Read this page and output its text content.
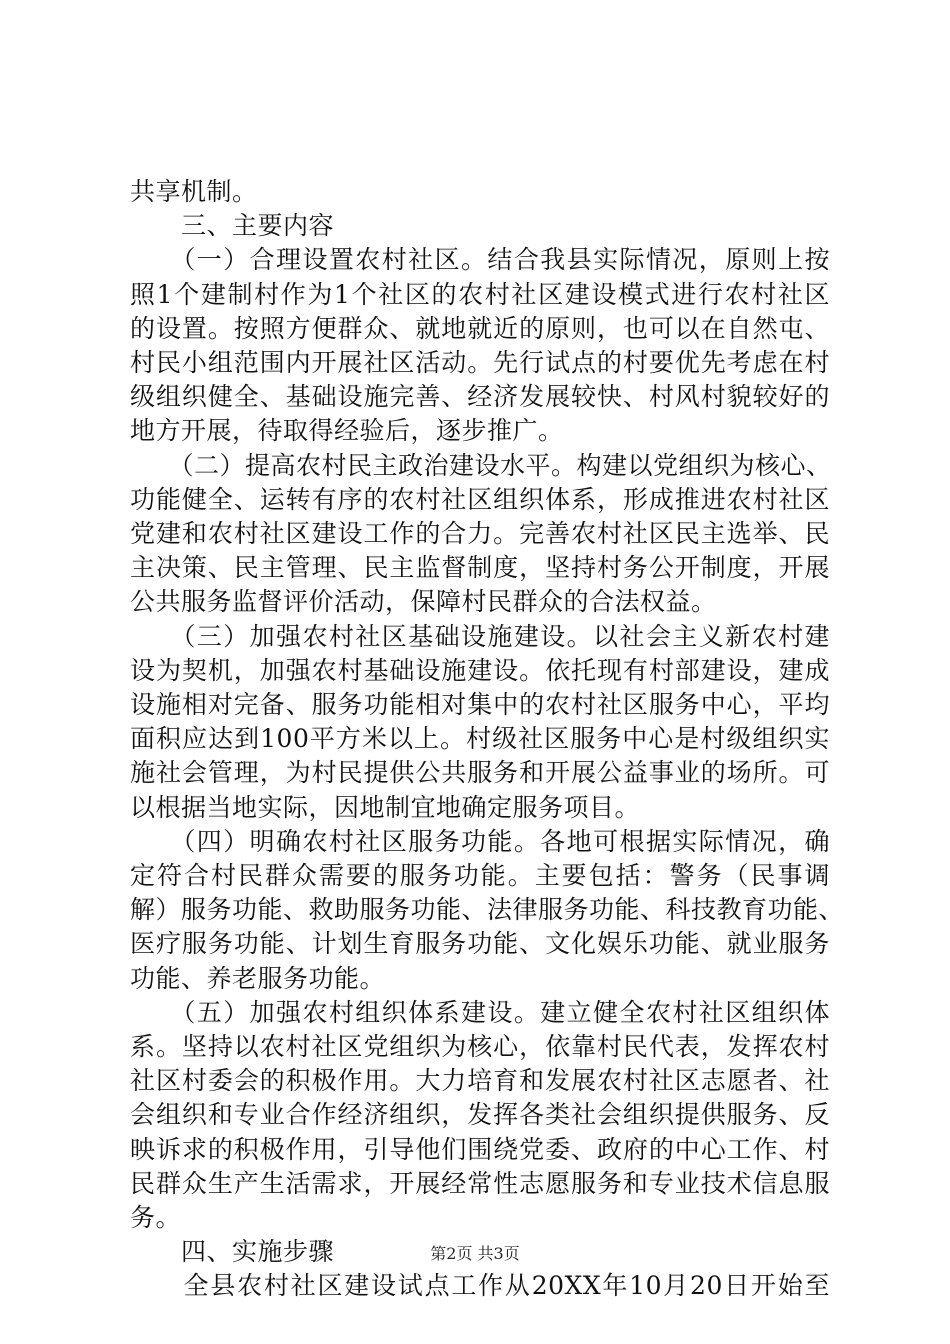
共享机制。
　　三、主要内容
　　（一）合理设置农村社区。结合我县实际情况，原则上按
照1个建制村作为1个社区的农村社区建设模式进行农村社区
的设置。按照方便群众、就地就近的原则，也可以在自然屯、
村民小组范围内开展社区活动。先行试点的村要优先考虑在村
级组织健全、基础设施完善、经济发展较快、村风村貌较好的
地方开展，待取得经验后，逐步推广。
　　（二）提高农村民主政治建设水平。构建以党组织为核心、
功能健全、运转有序的农村社区组织体系，形成推进农村社区
党建和农村社区建设工作的合力。完善农村社区民主选举、民
主决策、民主管理、民主监督制度，坚持村务公开制度，开展
公共服务监督评价活动，保障村民群众的合法权益。
　　（三）加强农村社区基础设施建设。以社会主义新农村建
设为契机，加强农村基础设施建设。依托现有村部建设，建成
设施相对完备、服务功能相对集中的农村社区服务中心，平均
面积应达到100平方米以上。村级社区服务中心是村级组织实
施社会管理，为村民提供公共服务和开展公益事业的场所。可
以根据当地实际，因地制宜地确定服务项目。
　　（四）明确农村社区服务功能。各地可根据实际情况，确
定符合村民群众需要的服务功能。主要包括：警务（民事调
解）服务功能、救助服务功能、法律服务功能、科技教育功能、
医疗服务功能、计划生育服务功能、文化娱乐功能、就业服务
功能、养老服务功能。
　　（五）加强农村组织体系建设。建立健全农村社区组织体
系。坚持以农村社区党组织为核心，依靠村民代表，发挥农村
社区村委会的积极作用。大力培育和发展农村社区志愿者、社
会组织和专业合作经济组织，发挥各类社会组织提供服务、反
映诉求的积极作用，引导他们围绕党委、政府的中心工作、村
民群众生产生活需求，开展经常性志愿服务和专业技术信息服
务。
　　四、实施步骤
　　全县农村社区建设试点工作从20XX年10月20日开始至
第2页 共3页
